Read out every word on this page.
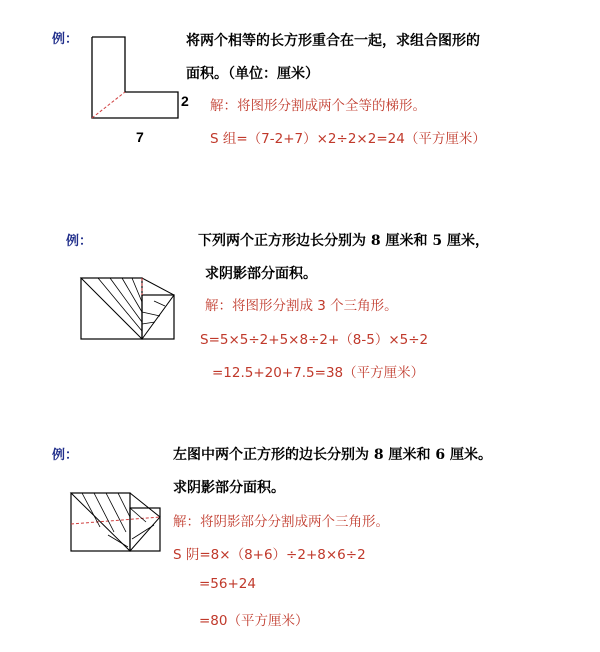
例：
2
7
将两个相等的长方形重合在一起，求组合图形的
面积。（单位：厘米）
解：将图形分割成两个全等的梯形。
S 组=（7-2+7）×2÷2×2=24（平方厘米）
例：	下列两个正方形边长分别为 8 厘米和 5 厘米，
求阴影部分面积。
解：将图形分割成 3 个三角形。
S=5×5÷2+5×8÷2+（8-5）×5÷2
=12.5+20+7.5=38（平方厘米）
例：	左图中两个正方形的边长分别为 8 厘米和 6 厘米。
求阴影部分面积。
解：将阴影部分分割成两个三角形。
S 阴=8×（8+6）÷2+8×6÷2
=56+24
=80（平方厘米）
